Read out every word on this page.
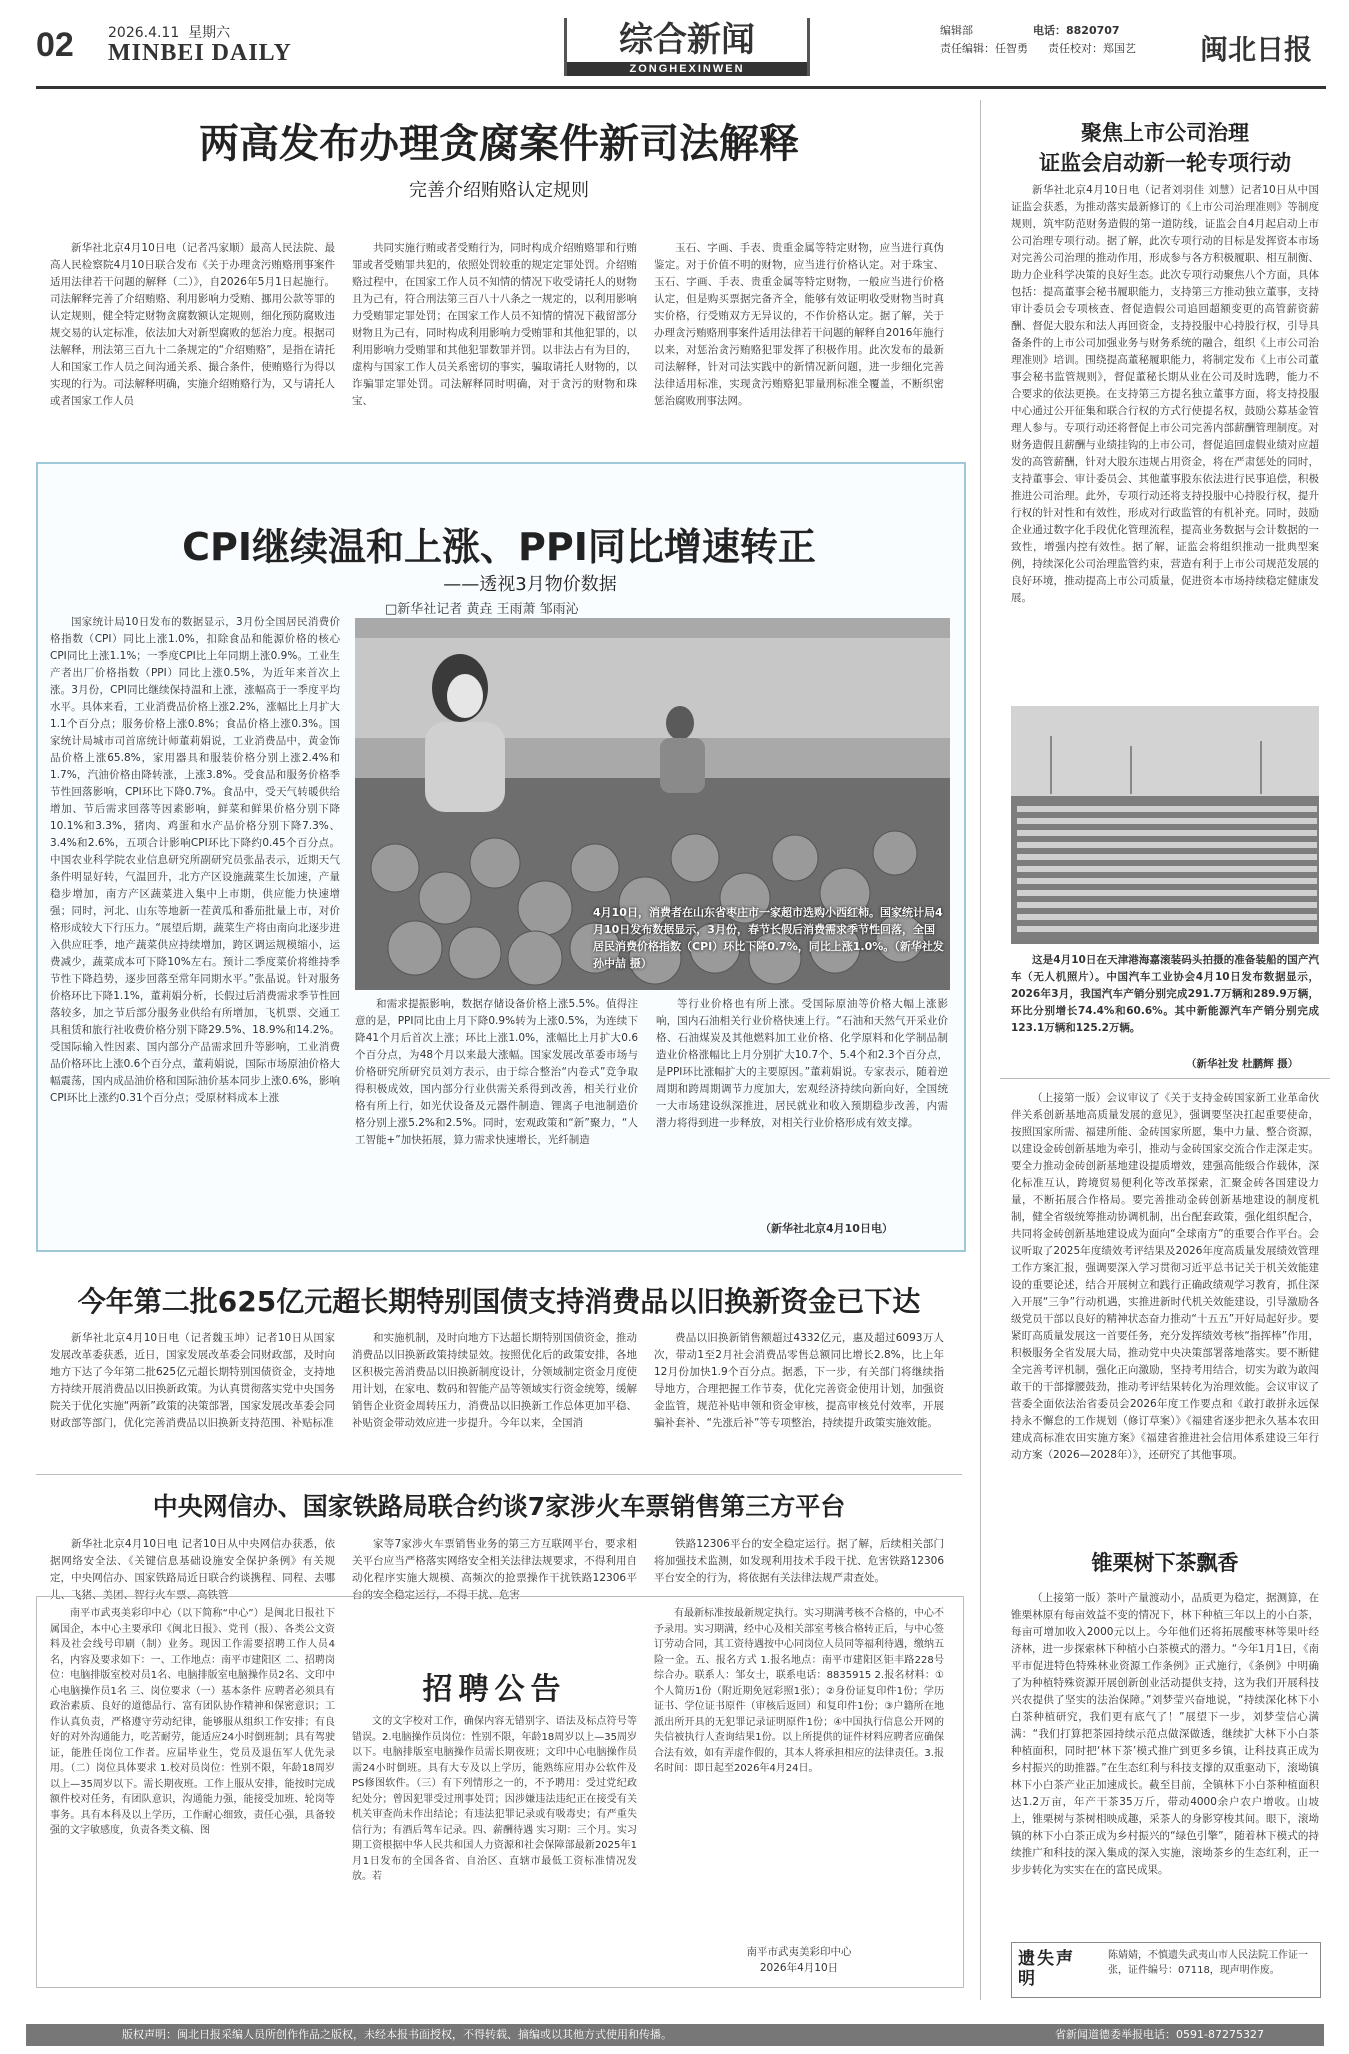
02 2026.4.11 星期六
MINBEI DAILY	综合新闻
ZONGHEXINWEN
编辑部	电话：8820707
责任编辑：任智勇 责任校对：郑国艺	闽北日报
两高发布办理贪腐案件新司法解释
完善介绍贿赂认定规则

新华社北京4月10日电（记者冯家顺）最高人民法院、最高人民检察院4月10日联合发布《关于办理贪污贿赂刑事案件适用法律若干问题的解释（二）》，自2026年5月1日起施行。司法解释完善了介绍贿赂、利用影响力受贿、挪用公款等罪的认定规则，健全特定财物贪腐数额认定规则，细化预防腐败违规交易的认定标准，依法加大对新型腐败的惩治力度。根据司法解释，刑法第三百九十二条规定的“介绍贿赂”，是指在请托人和国家工作人员之间沟通关系、撮合条件，使贿赂行为得以实现的行为。司法解释明确，实施介绍贿赂行为，又与请托人或者国家工作人员

共同实施行贿或者受贿行为，同时构成介绍贿赂罪和行贿罪或者受贿罪共犯的，依照处罚较重的规定定罪处罚。介绍贿赂过程中，在国家工作人员不知情的情况下收受请托人的财物且为己有，符合刑法第三百八十八条之一规定的，以利用影响力受贿罪定罪处罚；在国家工作人员不知情的情况下截留部分财物且为己有，同时构成利用影响力受贿罪和其他犯罪的，以利用影响力受贿罪和其他犯罪数罪并罚。以非法占有为目的，虚构与国家工作人员关系密切的事实，骗取请托人财物的，以诈骗罪定罪处罚。司法解释同时明确，对于贪污的财物和珠宝、

玉石、字画、手表、贵重金属等特定财物，应当进行真伪鉴定。对于价值不明的财物，应当进行价格认定。对于珠宝、玉石、字画、手表、贵重金属等特定财物，一般应当进行价格认定，但是购买票据完备齐全，能够有效证明收受财物当时真实价格，行受贿双方无异议的，不作价格认定。据了解，关于办理贪污贿赂刑事案件适用法律若干问题的解释自2016年施行以来，对惩治贪污贿赂犯罪发挥了积极作用。此次发布的最新司法解释，针对司法实践中的新情况新问题，进一步细化完善法律适用标准，实现贪污贿赂犯罪量刑标准全覆盖，不断织密惩治腐败刑事法网。

CPI继续温和上涨、PPI同比增速转正
——透视3月物价数据
□新华社记者 黄垚 王雨萧 邹雨沁

国家统计局10日发布的数据显示，3月份全国居民消费价格指数（CPI）同比上涨1.0%，扣除食品和能源价格的核心CPI同比上涨1.1%；一季度CPI比上年同期上涨0.9%。工业生产者出厂价格指数（PPI）同比上涨0.5%，为近年来首次上涨。3月份，CPI同比继续保持温和上涨，涨幅高于一季度平均水平。具体来看，工业消费品价格上涨2.2%，涨幅比上月扩大1.1个百分点；服务价格上涨0.8%；食品价格上涨0.3%。国家统计局城市司首席统计师董莉娟说，工业消费品中，黄金饰品价格上涨65.8%，家用器具和服装价格分别上涨2.4%和1.7%，汽油价格由降转涨，上涨3.8%。受食品和服务价格季节性回落影响，CPI环比下降0.7%。食品中，受天气转暖供给增加、节后需求回落等因素影响，鲜菜和鲜果价格分别下降10.1%和3.3%，猪肉、鸡蛋和水产品价格分别下降7.3%、3.4%和2.6%，五项合计影响CPI环比下降约0.45个百分点。中国农业科学院农业信息研究所副研究员张晶表示，近期天气条件明显好转，气温回升，北方产区设施蔬菜生长加速，产量稳步增加，南方产区蔬菜进入集中上市期，供应能力快速增强；同时，河北、山东等地新一茬黄瓜和番茄批量上市，对价格形成较大下行压力。“展望后期，蔬菜生产将由南向北逐步进入供应旺季，地产蔬菜供应持续增加，跨区调运规模缩小，运费减少，蔬菜成本可下降10%左右。预计二季度菜价将维持季节性下降趋势，逐步回落至常年同期水平。”张晶说。针对服务价格环比下降1.1%，董莉娟分析，长假过后消费需求季节性回落较多，加之节后部分服务业供给有所增加，飞机票、交通工具租赁和旅行社收费价格分别下降29.5%、18.9%和14.2%。受国际输入性因素、国内部分产品需求回升等影响，工业消费品价格环比上涨0.6个百分点，董莉娟说，国际市场原油价格大幅震荡，国内成品油价格和国际油价基本同步上涨0.6%，影响CPI环比上涨约0.31个百分点；受原材料成本上涨

4月10日，消费者在山东省枣庄市一家超市选购小西红柿。国家统计局4月10日发布数据显示，3月份，春节长假后消费需求季节性回落，全国居民消费价格指数（CPI）环比下降0.7%，同比上涨1.0%。（新华社发 孙中喆 摄）

和需求提振影响，数据存储设备价格上涨5.5%。值得注意的是，PPI同比由上月下降0.9%转为上涨0.5%，为连续下降41个月后首次上涨；环比上涨1.0%，涨幅比上月扩大0.6个百分点，为48个月以来最大涨幅。国家发展改革委市场与价格研究所研究员刘方表示，由于综合整治“内卷式”竞争取得积极成效，国内部分行业供需关系得到改善，相关行业价格有所上行，如光伏设备及元器件制造、锂离子电池制造价格分别上涨5.2%和2.5%。同时，宏观政策和“新”聚力，“人工智能+”加快拓展，算力需求快速增长，光纤制造

等行业价格也有所上涨。受国际原油等价格大幅上涨影响，国内石油相关行业价格快速上行。“石油和天然气开采业价格、石油煤炭及其他燃料加工业价格、化学原料和化学制品制造业价格涨幅比上月分别扩大10.7个、5.4个和2.3个百分点，是PPI环比涨幅扩大的主要原因。”董莉娟说。专家表示，随着逆周期和跨周期调节力度加大，宏观经济持续向新向好，全国统一大市场建设纵深推进，居民就业和收入预期稳步改善，内需潜力将得到进一步释放，对相关行业价格形成有效支撑。

（新华社北京4月10日电）
今年第二批625亿元超长期特别国债支持消费品以旧换新资金已下达

新华社北京4月10日电（记者魏玉坤）记者10日从国家发展改革委获悉，近日，国家发展改革委会同财政部，及时向地方下达了今年第二批625亿元超长期特别国债资金，支持地方持续开展消费品以旧换新政策。为认真贯彻落实党中央国务院关于优化实施“两新”政策的决策部署，国家发展改革委会同财政部等部门，优化完善消费品以旧换新支持范围、补贴标准

和实施机制，及时向地方下达超长期特别国债资金，推动消费品以旧换新政策持续显效。按照优化后的政策安排，各地区积极完善消费品以旧换新制度设计，分领域制定资金月度使用计划，在家电、数码和智能产品等领域实行资金统筹，缓解销售企业资金周转压力，消费品以旧换新工作总体更加平稳、补贴资金带动效应进一步提升。今年以来，全国消

费品以旧换新销售额超过4332亿元，惠及超过6093万人次，带动1至2月社会消费品零售总额同比增长2.8%，比上年12月份加快1.9个百分点。据悉，下一步，有关部门将继续指导地方，合理把握工作节奏，优化完善资金使用计划，加强资金监管，规范补贴申领和资金审核，提高审核兑付效率，开展骗补套补、“先涨后补”等专项整治，持续提升政策实施效能。

中央网信办、国家铁路局联合约谈7家涉火车票销售第三方平台

新华社北京4月10日电 记者10日从中央网信办获悉，依据网络安全法、《关键信息基础设施安全保护条例》有关规定，中央网信办、国家铁路局近日联合约谈携程、同程、去哪儿、飞猪、美团、智行火车票、高铁管

家等7家涉火车票销售业务的第三方互联网平台，要求相关平台应当严格落实网络安全相关法律法规要求，不得利用自动化程序实施大规模、高频次的抢票操作干扰铁路12306平台的安全稳定运行，不得干扰、危害

铁路12306平台的安全稳定运行。据了解，后续相关部门将加强技术监测，如发现利用技术手段干扰、危害铁路12306平台安全的行为，将依据有关法律法规严肃查处。

招聘公告

南平市武夷美彩印中心（以下简称“中心”）是闽北日报社下属国企，本中心主要承印《闽北日报》、党刊（报）、各类公文资料及社会线号印刷（制）业务。现因工作需要招聘工作人员4名，内容及要求如下：一、工作地点：南平市建阳区 二、招聘岗位：电脑排版室校对员1名、电脑排版室电脑操作员2名、文印中心电脑操作员1名 三、岗位要求（一）基本条件 应聘者必须具有政治素质、良好的道德品行、富有团队协作精神和保密意识；工作认真负责，严格遵守劳动纪律，能够服从组织工作安排；有良好的对外沟通能力，吃苦耐劳，能适应24小时倒班制；具有驾驶证，能胜任岗位工作者。应届毕业生，党员及退伍军人优先录用。（二）岗位具体要求 1.校对员岗位：性别不限，年龄18周岁以上—35周岁以下。需长期夜班。工作上服从安排，能按时完成额件校对任务，有团队意识，沟通能力强，能接受加班、轮岗等事务。具有本科及以上学历，工作耐心细致，责任心强，具备较强的文字敏感度，负责各类文稿、图

文的文字校对工作，确保内容无错别字、语法及标点符号等错误。2.电脑操作员岗位：性别不限，年龄18周岁以上—35周岁以下。电脑排版室电脑操作员需长期夜班；文印中心电脑操作员需24小时倒班。具有大专及以上学历，能熟练应用办公软件及PS修图软件。（三）有下列情形之一的，不予聘用：受过党纪政纪处分；曾因犯罪受过刑事处罚；因涉嫌违法违纪正在接受有关机关审查尚未作出结论；有违法犯罪记录或有吸毒史；有严重失信行为；有酒后驾车记录。四、薪酬待遇 实习期：三个月。实习期工资根据中华人民共和国人力资源和社会保障部最新2025年1月1日发布的全国各省、自治区、直辖市最低工资标准情况发放。若

有最新标准按最新规定执行。实习期满考核不合格的，中心不予录用。实习期满，经中心及相关部室考核合格转正后，与中心签订劳动合同，其工资待遇按中心同岗位人员同等福利待遇，缴纳五险一金。五、报名方式 1.报名地点：南平市建阳区钜丰路228号综合办。联系人：邹女士，联系电话：8835915 2.报名材料：①个人简历1份（附近期免冠彩照1张）；②身份证复印件1份；学历证书、学位证书原件（审核后返回）和复印件1份；③户籍所在地派出所开具的无犯罪记录证明原件1份；④中国执行信息公开网的失信被执行人查询结果1份。以上所提供的证件材料应聘者应确保合法有效，如有弄虚作假的，其本人将承担相应的法律责任。3.报名时间：即日起至2026年4月24日。

南平市武夷美彩印中心
2026年4月10日
聚焦上市公司治理
证监会启动新一轮专项行动

新华社北京4月10日电（记者刘羽佳 刘慧）记者10日从中国证监会获悉，为推动落实最新修订的《上市公司治理准则》等制度规则，筑牢防范财务造假的第一道防线，证监会自4月起启动上市公司治理专项行动。据了解，此次专项行动的目标是发挥资本市场对完善公司治理的推动作用，形成参与各方积极履职、相互制衡、助力企业科学决策的良好生态。此次专项行动聚焦八个方面，具体包括：提高董事会秘书履职能力，支持第三方推动独立董事，支持审计委员会专项核查、督促造假公司追回超额变更的高管薪资薪酬、督促大股东和法人再回资金，支持投服中心持股行权，引导具备条件的上市公司加强业务与财务系统的融合，组织《上市公司治理准则》培训。围绕提高董秘履职能力，将制定发布《上市公司董事会秘书监管规则》，督促董秘长期从业在公司及时选聘，能力不合要求的依法更换。在支持第三方提名独立董事方面，将支持投服中心通过公开征集和联合行权的方式行使提名权，鼓励公募基金管理人参与。专项行动还将督促上市公司完善内部薪酬管理制度。对财务造假且薪酬与业绩挂钩的上市公司，督促追回虚假业绩对应超发的高管薪酬，针对大股东违规占用资金，将在严肃惩处的同时，支持董事会、审计委员会、其他董事股东依法进行民事追偿，积极推进公司治理。此外，专项行动还将支持投服中心持股行权，提升行权的针对性和有效性，形成对行政监管的有机补充。同时，鼓励企业通过数字化手段优化管理流程，提高业务数据与会计数据的一致性，增强内控有效性。据了解，证监会将组织推动一批典型案例，持续深化公司治理监管约束，营造有利于上市公司规范发展的良好环境，推动提高上市公司质量，促进资本市场持续稳定健康发展。

这是4月10日在天津港海嘉滚装码头拍摄的准备装船的国产汽车（无人机照片）。中国汽车工业协会4月10日发布数据显示，2026年3月，我国汽车产销分别完成291.7万辆和289.9万辆，环比分别增长74.4%和60.6%。其中新能源汽车产销分别完成123.1万辆和125.2万辆。

（新华社发 杜鹏辉 摄）

（上接第一版）会议审议了《关于支持金砖国家新工业革命伙伴关系创新基地高质量发展的意见》，强调要坚决扛起重要使命，按照国家所需、福建所能、金砖国家所愿，集中力量、整合资源，以建设金砖创新基地为牵引，推动与金砖国家交流合作走深走实。要全力推动金砖创新基地建设提质增效，建强高能级合作载体，深化标准互认，跨境贸易便利化等改革探索，汇聚金砖各国建设力量，不断拓展合作格局。要完善推动金砖创新基地建设的制度机制，健全省级统筹推动协调机制，出台配套政策，强化组织配合，共同将金砖创新基地建设成为面向“全球南方”的重要合作平台。会议听取了2025年度绩效考评结果及2026年度高质量发展绩效管理工作方案汇报，强调要深入学习贯彻习近平总书记关于机关效能建设的重要论述，结合开展树立和践行正确政绩观学习教育，抓住深入开展“三争”行动机遇，实推进新时代机关效能建设，引导激励各级党员干部以良好的精神状态奋力推动“十五五”开好局起好步。要紧盯高质量发展这一首要任务，充分发挥绩效考核“指挥棒”作用，积极服务全省发展大局，推动党中央决策部署落地落实。要不断健全完善考评机制，强化正向激励，坚持考用结合，切实为敢为敢闯敢干的干部撑腰鼓劲，推动考评结果转化为治理效能。会议审议了营委全面依法治省委员会2026年度工作要点和《敢打敢拼永远保持永不懈怠的工作规划（修订草案）》《福建省逐步把永久基本农田建成高标准农田实施方案》《福建省推进社会信用体系建设三年行动方案（2026—2028年）》，还研究了其他事项。

锥栗树下茶飘香

（上接第一版）茶叶产量渡动小，品质更为稳定，据测算，在锥栗林原有每亩效益不变的情况下，林下种植三年以上的小白茶，每亩可增加收入2000元以上。今年他们还将拓展酸枣林等果叶经济林，进一步探索林下种植小白茶模式的潜力。“今年1月1日，《南平市促进特色特殊林业资源工作条例》正式施行，《条例》中明确了为种植特殊资源开展创新创业活动提供支持，这为我们开展科技兴农提供了坚实的法治保障。”刘梦莹兴奋地说，“持续深化林下小白茶种植研究，我们更有底气了！”展望下一步，刘梦莹信心满满：“我们打算把茶园持续示范点做深做透，继续扩大林下小白茶种植面积，同时把‘林下茶’模式推广到更多乡镇，让科技真正成为乡村振兴的助推器。”在生态红利与科技支撑的双重驱动下，滚坳镇林下小白茶产业正加速成长。截至目前，全镇林下小白茶种植面积达1.2万亩，年产干茶35万斤，带动4000余户农户增收。山坡上，锥栗树与茶树相映成趣，采茶人的身影穿梭其间。眼下，滚坳镇的林下小白茶正成为乡村振兴的“绿色引擎”，随着林下模式的持续推广和科技的深入集成的深入实施，滚坳茶乡的生态红利，正一步步转化为实实在在的富民成果。

遗失声明
陈婧婧，不慎遗失武夷山市人民法院工作证一张，证件编号：07118，现声明作废。
版权声明：闽北日报采编人员所创作作品之版权，未经本报书面授权，不得转载、摘编或以其他方式使用和传播。	省新闻道德委举报电话：0591-87275327
